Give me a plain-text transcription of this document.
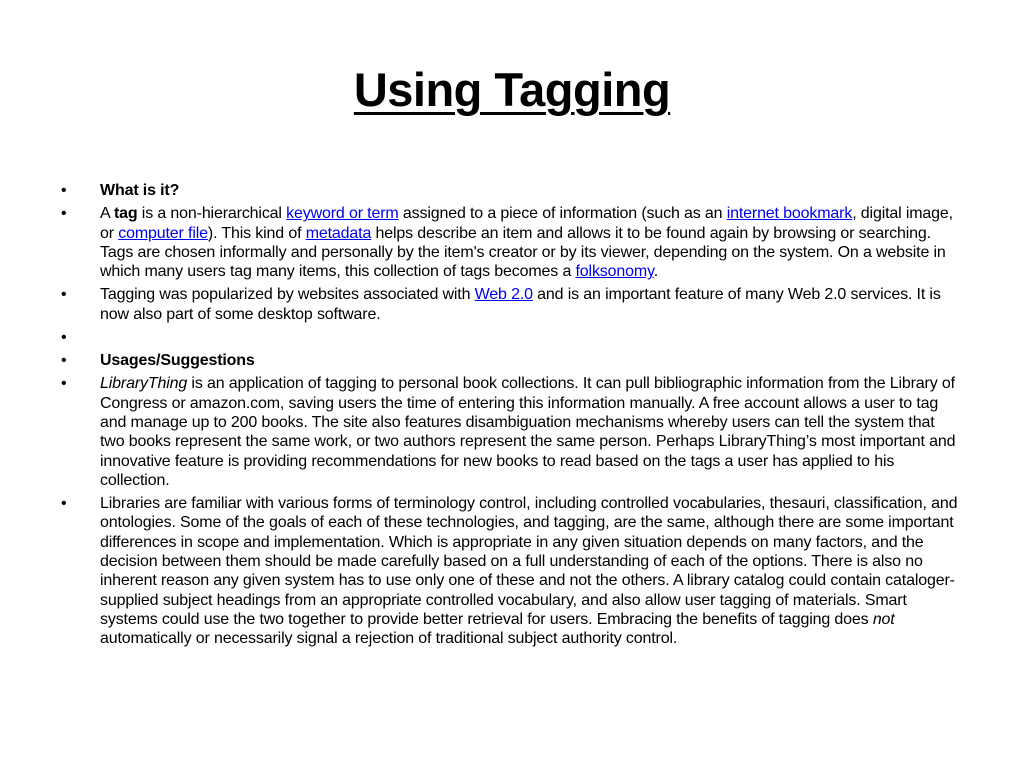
Using Tagging
• What is it?
• A tag is a non-hierarchical keyword or term assigned to a piece of information (such as an internet bookmark, digital image, or computer file). This kind of metadata helps describe an item and allows it to be found again by browsing or searching. Tags are chosen informally and personally by the item's creator or by its viewer, depending on the system. On a website in which many users tag many items, this collection of tags becomes a folksonomy.
• Tagging was popularized by websites associated with Web 2.0 and is an important feature of many Web 2.0 services. It is now also part of some desktop software.
•
• Usages/Suggestions
• LibraryThing is an application of tagging to personal book collections. It can pull bibliographic information from the Library of Congress or amazon.com, saving users the time of entering this information manually. A free account allows a user to tag and manage up to 200 books. The site also features disambiguation mechanisms whereby users can tell the system that two books represent the same work, or two authors represent the same person. Perhaps LibraryThing’s most important and innovative feature is providing recommendations for new books to read based on the tags a user has applied to his collection.
• Libraries are familiar with various forms of terminology control, including controlled vocabularies, thesauri, classification, and ontologies. Some of the goals of each of these technologies, and tagging, are the same, although there are some important differences in scope and implementation. Which is appropriate in any given situation depends on many factors, and the decision between them should be made carefully based on a full understanding of each of the options. There is also no inherent reason any given system has to use only one of these and not the others. A library catalog could contain cataloger-supplied subject headings from an appropriate controlled vocabulary, and also allow user tagging of materials. Smart systems could use the two together to provide better retrieval for users. Embracing the benefits of tagging does not automatically or necessarily signal a rejection of traditional subject authority control.
